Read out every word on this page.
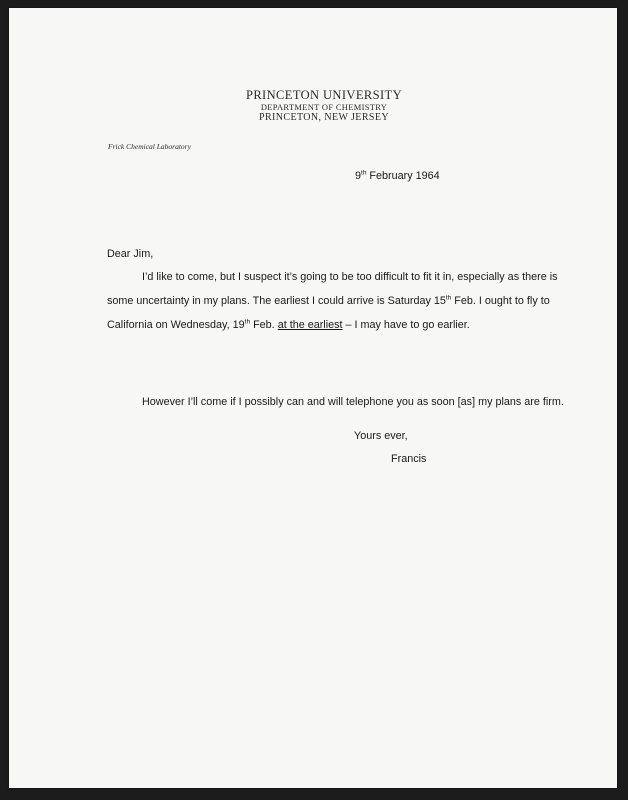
PRINCETON UNIVERSITY
DEPARTMENT OF CHEMISTRY
PRINCETON, NEW JERSEY
Frick Chemical Laboratory
9th February 1964
Dear Jim,
I’d like to come, but I suspect it’s going to be too difficult to fit it in, especially as there is
some uncertainty in my plans. The earliest I could arrive is Saturday 15th Feb. I ought to fly to
California on Wednesday, 19th Feb. at the earliest – I may have to go earlier.
However I’ll come if I possibly can and will telephone you as soon [as] my plans are firm.
Yours ever,
Francis
